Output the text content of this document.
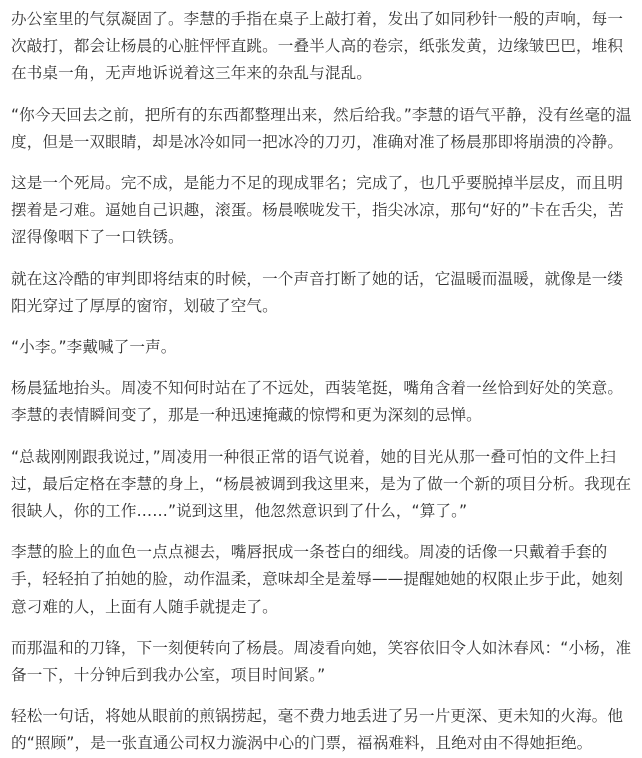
办公室里的气氛凝固了。李慧的手指在桌子上敲打着，发出了如同秒针一般的声响，每一次敲打，都会让杨晨的心脏怦怦直跳。一叠半人高的卷宗，纸张发黄，边缘皱巴巴，堆积在书桌一角，无声地诉说着这三年来的杂乱与混乱。

“你今天回去之前，把所有的东西都整理出来，然后给我。”李慧的语气平静，没有丝毫的温度，但是一双眼睛，却是冰冷如同一把冰冷的刀刃，准确对准了杨晨那即将崩溃的冷静。

这是一个死局。完不成，是能力不足的现成罪名；完成了，也几乎要脱掉半层皮，而且明摆着是刁难。逼她自己识趣，滚蛋。杨晨喉咙发干，指尖冰凉，那句“好的”卡在舌尖，苦涩得像咽下了一口铁锈。

就在这冷酷的审判即将结束的时候，一个声音打断了她的话，它温暖而温暖，就像是一缕阳光穿过了厚厚的窗帘，划破了空气。

“小李。”李戴喊了一声。

杨晨猛地抬头。周凌不知何时站在了不远处，西装笔挺，嘴角含着一丝恰到好处的笑意。李慧的表情瞬间变了，那是一种迅速掩藏的惊愕和更为深刻的忌惮。

“总裁刚刚跟我说过，”周凌用一种很正常的语气说着，她的目光从那一叠可怕的文件上扫过，最后定格在李慧的身上，“杨晨被调到我这里来，是为了做一个新的项目分析。我现在很缺人，你的工作……”说到这里，他忽然意识到了什么，“算了。”

李慧的脸上的血色一点点褪去，嘴唇抿成一条苍白的细线。周凌的话像一只戴着手套的手，轻轻拍了拍她的脸，动作温柔，意味却全是羞辱——提醒她她的权限止步于此，她刻意刁难的人，上面有人随手就提走了。

而那温和的刀锋，下一刻便转向了杨晨。周凌看向她，笑容依旧令人如沐春风：“小杨，准备一下，十分钟后到我办公室，项目时间紧。”

轻松一句话，将她从眼前的煎锅捞起，毫不费力地丢进了另一片更深、更未知的火海。他的“照顾”，是一张直通公司权力漩涡中心的门票，福祸难料，且绝对由不得她拒绝。
